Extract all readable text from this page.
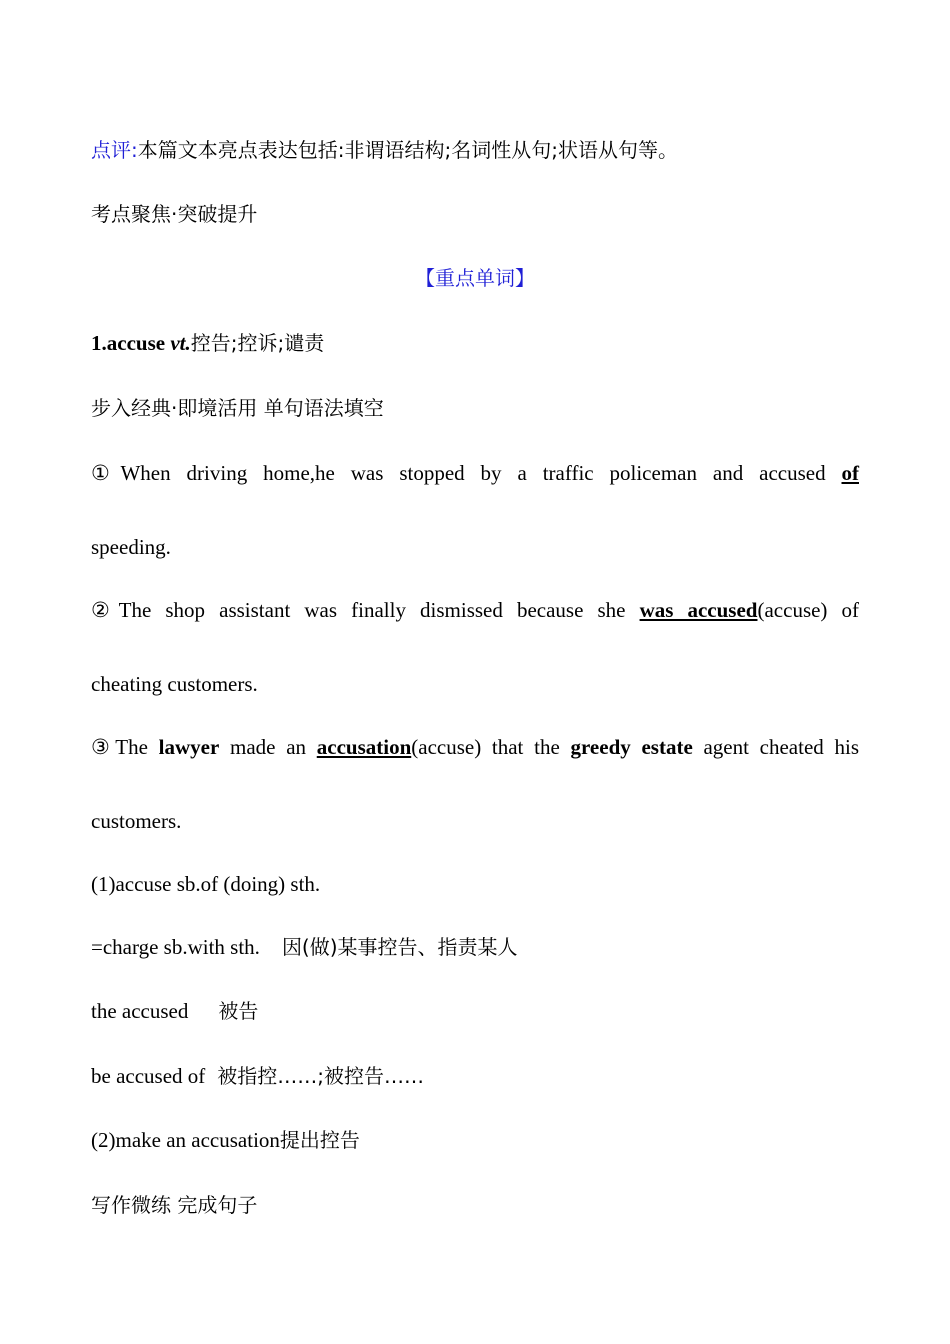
点评:本篇文本亮点表达包括:非谓语结构;名词性从句;状语从句等。
考点聚焦·突破提升
【重点单词】
1.accuse vt.控告;控诉;谴责
步入经典·即境活用 单句语法填空
①When driving home,he was stopped by a traffic policeman and accused of
speeding.
②The shop assistant was finally dismissed because she was accused(accuse) of
cheating customers.
③The lawyer made an accusation(accuse) that the greedy estate agent cheated his
customers.
(1)accuse sb.of (doing) sth.
=charge sb.with sth. 因(做)某事控告、指责某人
the accused 被告
be accused of 被指控……;被控告……
(2)make an accusation提出控告
写作微练 完成句子
